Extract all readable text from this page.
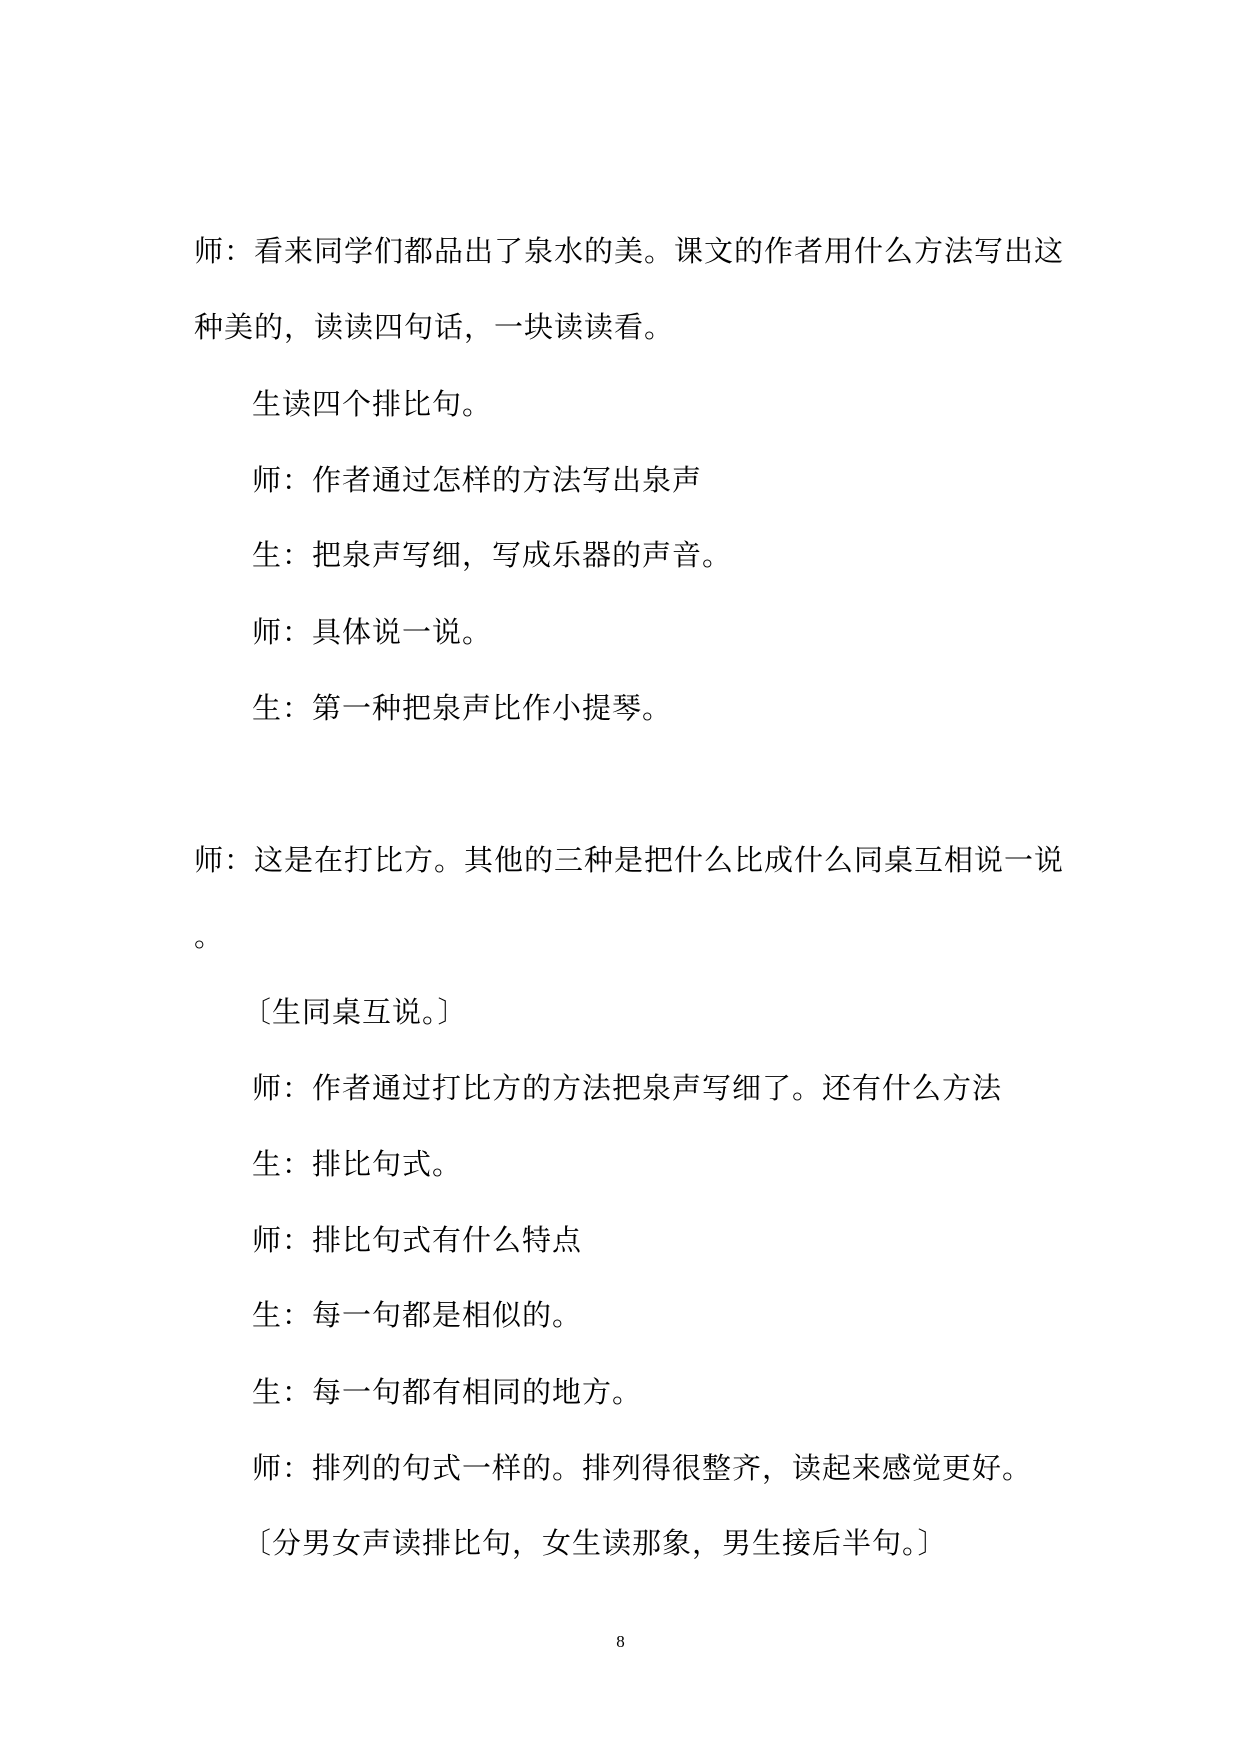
师：看来同学们都品出了泉水的美。课文的作者用什么方法写出这
种美的，读读四句话，一块读读看。
生读四个排比句。
师：作者通过怎样的方法写出泉声
生：把泉声写细，写成乐器的声音。
师：具体说一说。
生：第一种把泉声比作小提琴。
师：这是在打比方。其他的三种是把什么比成什么同桌互相说一说
。
〔生同桌互说。〕
师：作者通过打比方的方法把泉声写细了。还有什么方法
生：排比句式。
师：排比句式有什么特点
生：每一句都是相似的。
生：每一句都有相同的地方。
师：排列的句式一样的。排列得很整齐，读起来感觉更好。
〔分男女声读排比句，女生读那象，男生接后半句。〕
8
